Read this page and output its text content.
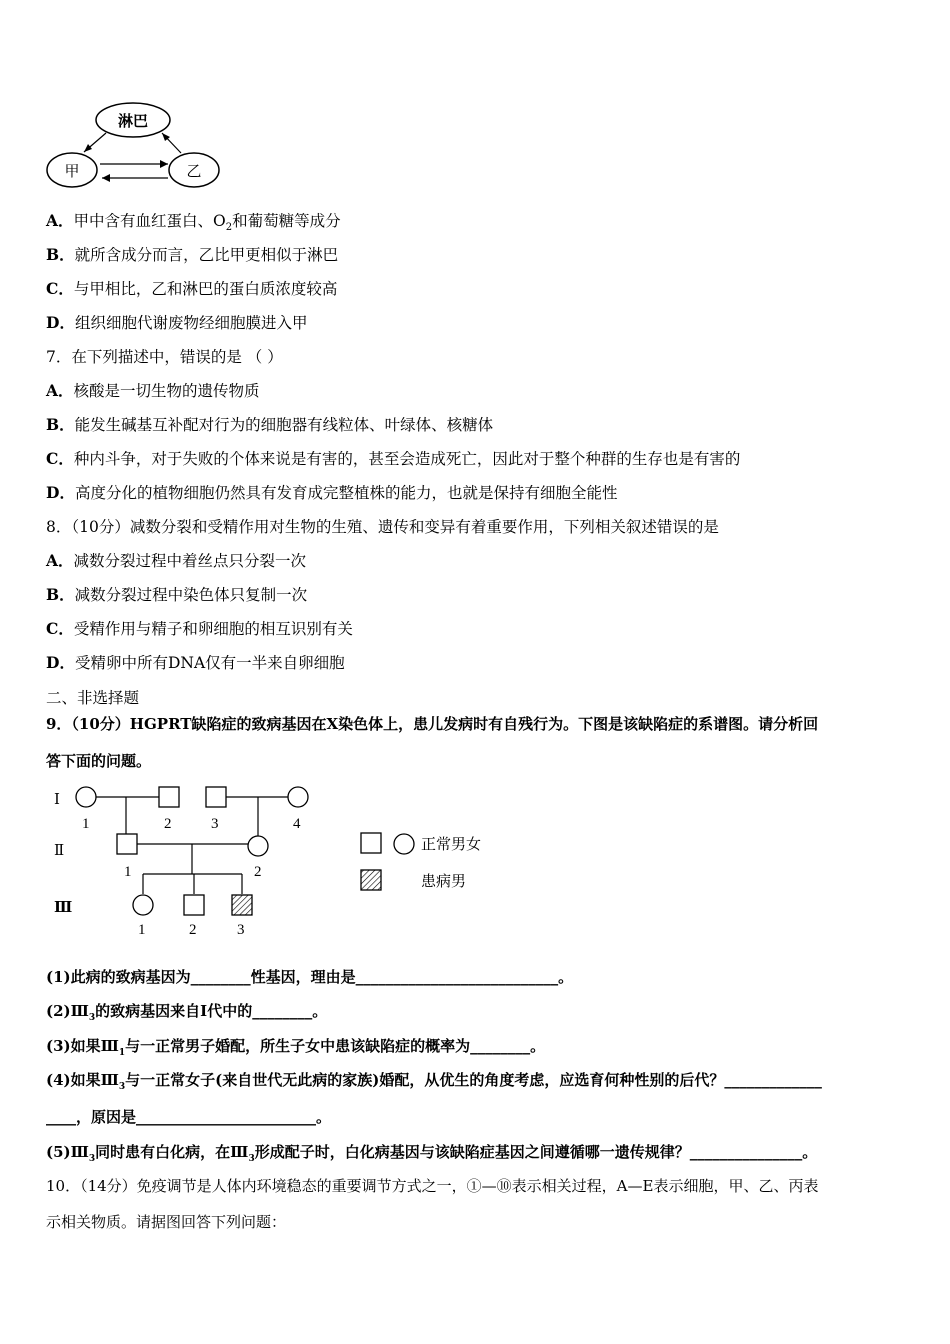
淋巴
甲	乙
A．甲中含有血红蛋白、$O_2$和葡萄糖等成分
B．就所含成分而言，乙比甲更相似于淋巴
C．与甲相比，乙和淋巴的蛋白质浓度较高
D．组织细胞代谢废物经细胞膜进入甲
7．在下列描述中，错误的是 （ ）
A．核酸是一切生物的遗传物质
B．能发生碱基互补配对行为的细胞器有线粒体、叶绿体、核糖体
C．种内斗争，对于失败的个体来说是有害的，甚至会造成死亡，因此对于整个种群的生存也是有害的
D．高度分化的植物细胞仍然具有发育成完整植株的能力，也就是保持有细胞全能性
8．（10分）减数分裂和受精作用对生物的生殖、遗传和变异有着重要作用，下列相关叙述错误的是
A．减数分裂过程中着丝点只分裂一次
B．减数分裂过程中染色体只复制一次
C．受精作用与精子和卵细胞的相互识别有关
D．受精卵中所有DNA仅有一半来自卵细胞
二、非选择题
9．（10分）HGPRT缺陷症的致病基因在X染色体上，患儿发病时有自残行为。下图是该缺陷症的系谱图。请分析回
答下面的问题。
Ⅰ
Ⅱ
Ⅲ
1	2	3	4
1	2
1	2	3
正常男女
患病男
(1)此病的致病基因为________性基因，理由是___________________________。
$(2)Ⅲ_3$的致病基因来自Ⅰ代中的________。
(3)如果$Ⅲ_1$与一正常男子婚配，所生子女中患该缺陷症的概率为________。
(4)如果$Ⅲ_3$与一正常女子(来自世代无此病的家族)婚配，从优生的角度考虑，应选育何种性别的后代？_____________
____，原因是________________________。
$(5)Ⅲ_3$同时患有白化病，在$Ⅲ_3$形成配子时，白化病基因与该缺陷症基因之间遵循哪一遗传规律？_______________。
10．（14分）免疫调节是人体内环境稳态的重要调节方式之一，①—⑩表示相关过程，A—E表示细胞，甲、乙、丙表
示相关物质。请据图回答下列问题：
